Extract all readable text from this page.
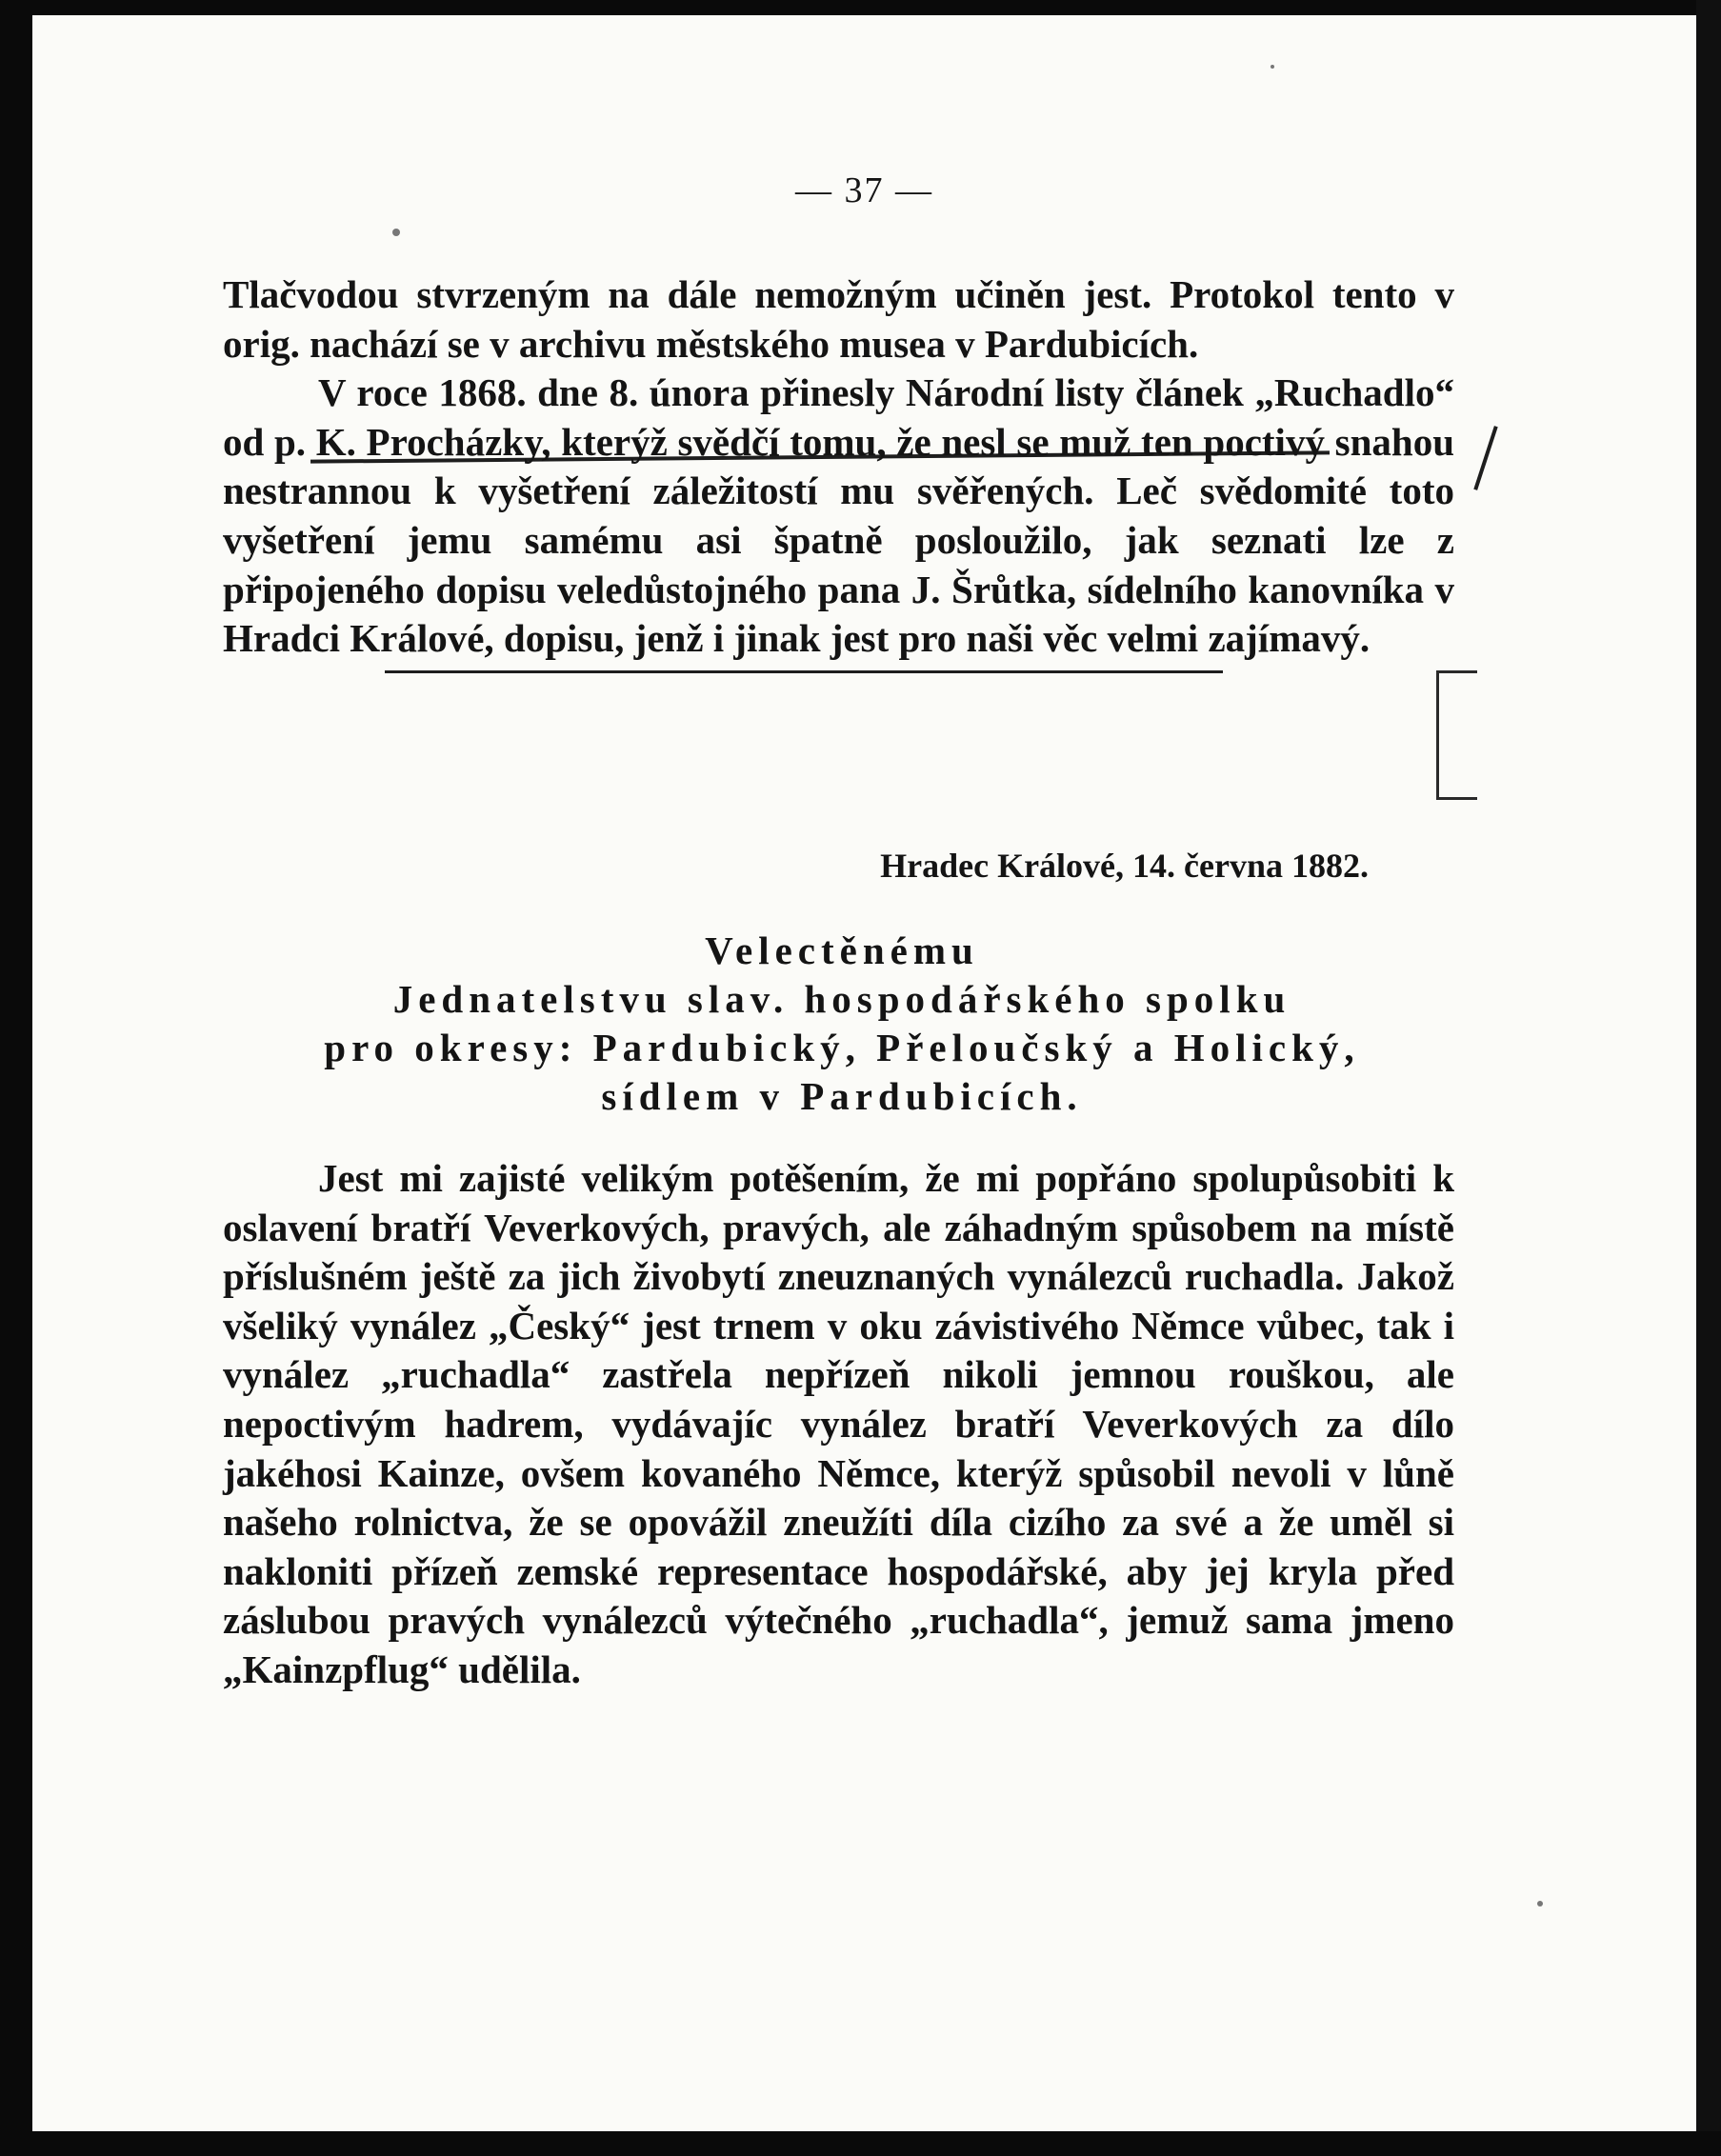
— 37 —

Tlačvodou stvrzeným na dále nemožným učiněn jest. Protokol tento v orig. nachází se v archivu městského musea v Pardubicích.

V roce 1868. dne 8. února přinesly Národní listy článek „Ruchadlo“ od p. K. Procházky, kterýž svědčí tomu, že nesl se muž ten poctivý snahou nestrannou k vyšetření záležitostí mu svěřených. Leč svědomité toto vyšetření jemu samému asi špatně posloužilo, jak seznati lze z připojeného dopisu veledůstojného pana J. Šrůtka, sídelního kanovníka v Hradci Králové, dopisu, jenž i jinak jest pro naši věc velmi zajímavý.

Hradec Králové, 14. června 1882.

Velectěnému
Jednatelstvu slav. hospodářského spolku
pro okresy: Pardubický, Přeloučský a Holický,
sídlem v Pardubicích.

Jest mi zajisté velikým potěšením, že mi popřáno spolupůsobiti k oslavení bratří Veverkových, pravých, ale záhadným spůsobem na místě příslušném ještě za jich živobytí zneuznaných vynálezců ruchadla. Jakož všeliký vynález „Český“ jest trnem v oku závistivého Němce vůbec, tak i vynález „ruchadla“ zastřela nepřízeň nikoli jemnou rouškou, ale nepoctivým hadrem, vydávajíc vynález bratří Veverkových za dílo jakéhosi Kainze, ovšem kovaného Němce, kterýž spůsobil nevoli v lůně našeho rolnictva, že se opovážil zneužíti díla cizího za své a že uměl si nakloniti přízeň zemské representace hospodářské, aby jej kryla před záslubou pravých vynálezců výtečného „ruchadla“, jemuž sama jmeno „Kainzpflug“ udělila.
